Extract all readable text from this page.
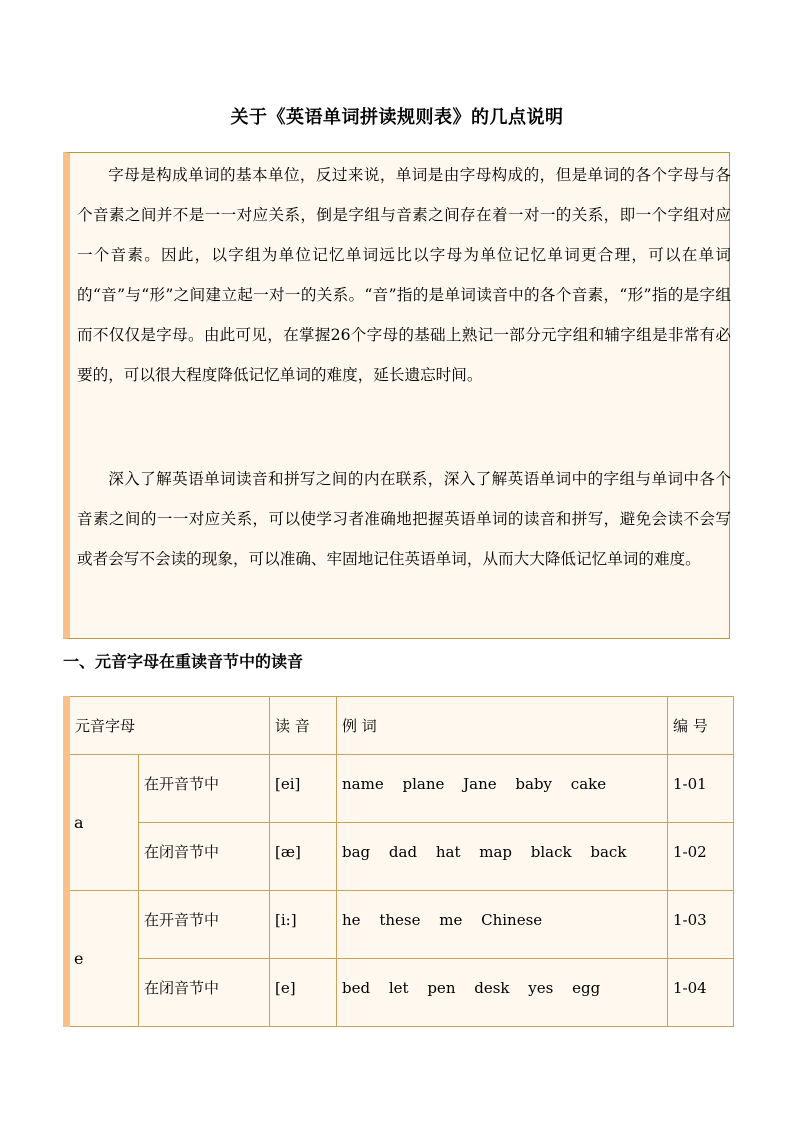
关于《英语单词拼读规则表》的几点说明

字母是构成单词的基本单位，反过来说，单词是由字母构成的，但是单词的各个字母与各个音素之间并不是一一对应关系，倒是字组与音素之间存在着一对一的关系，即一个字组对应一个音素。因此，以字组为单位记忆单词远比以字母为单位记忆单词更合理，可以在单词的“音”与“形”之间建立起一对一的关系。“音”指的是单词读音中的各个音素，“形”指的是字组而不仅仅是字母。由此可见，在掌握26个字母的基础上熟记一部分元字组和辅字组是非常有必要的，可以很大程度降低记忆单词的难度，延长遗忘时间。

深入了解英语单词读音和拼写之间的内在联系，深入了解英语单词中的字组与单词中各个音素之间的一一对应关系，可以使学习者准确地把握英语单词的读音和拼写，避免会读不会写或者会写不会读的现象，可以准确、牢固地记住英语单词，从而大大降低记忆单词的难度。

一、元音字母在重读音节中的读音
元音字母		读 音	例 词	编 号
a	在开音节中	[ei]	name plane Jane baby cake	1-01
	在闭音节中	[æ]	bag dad hat map black back	1-02
e	在开音节中	[i:]	he these me Chinese	1-03
	在闭音节中	[e]	bed let pen desk yes egg	1-04
